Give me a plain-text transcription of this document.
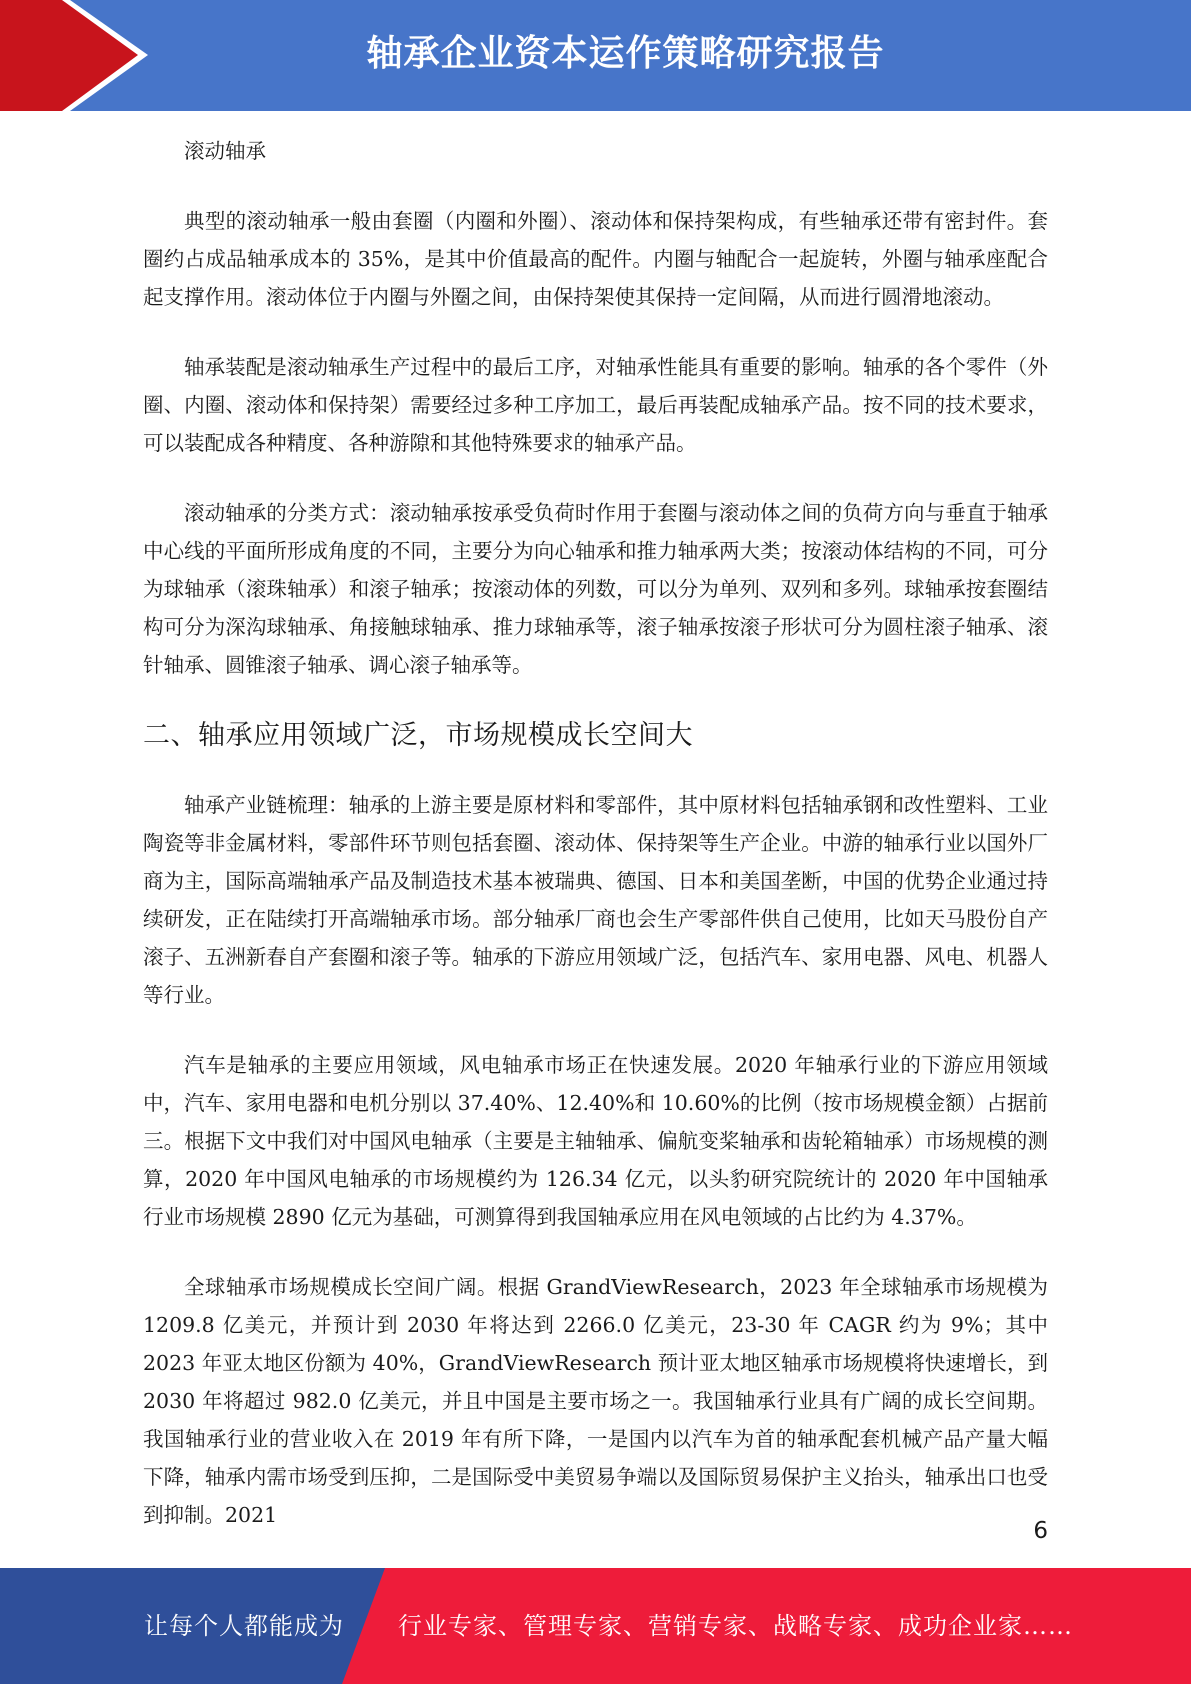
轴承企业资本运作策略研究报告

滚动轴承

典型的滚动轴承一般由套圈（内圈和外圈）、滚动体和保持架构成，有些轴承还带有密封件。套圈约占成品轴承成本的 35%，是其中价值最高的配件。内圈与轴配合一起旋转，外圈与轴承座配合起支撑作用。滚动体位于内圈与外圈之间，由保持架使其保持一定间隔，从而进行圆滑地滚动。

轴承装配是滚动轴承生产过程中的最后工序，对轴承性能具有重要的影响。轴承的各个零件（外圈、内圈、滚动体和保持架）需要经过多种工序加工，最后再装配成轴承产品。按不同的技术要求，可以装配成各种精度、各种游隙和其他特殊要求的轴承产品。

滚动轴承的分类方式：滚动轴承按承受负荷时作用于套圈与滚动体之间的负荷方向与垂直于轴承中心线的平面所形成角度的不同，主要分为向心轴承和推力轴承两大类；按滚动体结构的不同，可分为球轴承（滚珠轴承）和滚子轴承；按滚动体的列数，可以分为单列、双列和多列。球轴承按套圈结构可分为深沟球轴承、角接触球轴承、推力球轴承等，滚子轴承按滚子形状可分为圆柱滚子轴承、滚针轴承、圆锥滚子轴承、调心滚子轴承等。

二、轴承应用领域广泛，市场规模成长空间大

轴承产业链梳理：轴承的上游主要是原材料和零部件，其中原材料包括轴承钢和改性塑料、工业陶瓷等非金属材料，零部件环节则包括套圈、滚动体、保持架等生产企业。中游的轴承行业以国外厂商为主，国际高端轴承产品及制造技术基本被瑞典、德国、日本和美国垄断，中国的优势企业通过持续研发，正在陆续打开高端轴承市场。部分轴承厂商也会生产零部件供自己使用，比如天马股份自产滚子、五洲新春自产套圈和滚子等。轴承的下游应用领域广泛，包括汽车、家用电器、风电、机器人等行业。

汽车是轴承的主要应用领域，风电轴承市场正在快速发展。2020 年轴承行业的下游应用领域中，汽车、家用电器和电机分别以 37.40%、12.40%和 10.60%的比例（按市场规模金额）占据前三。根据下文中我们对中国风电轴承（主要是主轴轴承、偏航变桨轴承和齿轮箱轴承）市场规模的测算，2020 年中国风电轴承的市场规模约为 126.34 亿元，以头豹研究院统计的 2020 年中国轴承行业市场规模 2890 亿元为基础，可测算得到我国轴承应用在风电领域的占比约为 4.37%。

全球轴承市场规模成长空间广阔。根据 GrandViewResearch，2023 年全球轴承市场规模为 1209.8 亿美元，并预计到 2030 年将达到 2266.0 亿美元，23-30 年 CAGR 约为 9%；其中 2023 年亚太地区份额为 40%，GrandViewResearch 预计亚太地区轴承市场规模将快速增长，到 2030 年将超过 982.0 亿美元，并且中国是主要市场之一。我国轴承行业具有广阔的成长空间期。我国轴承行业的营业收入在 2019 年有所下降，一是国内以汽车为首的轴承配套机械产品产量大幅下降，轴承内需市场受到压抑，二是国际受中美贸易争端以及国际贸易保护主义抬头，轴承出口也受到抑制。2021

6
让每个人都能成为 行业专家、管理专家、营销专家、战略专家、成功企业家……
